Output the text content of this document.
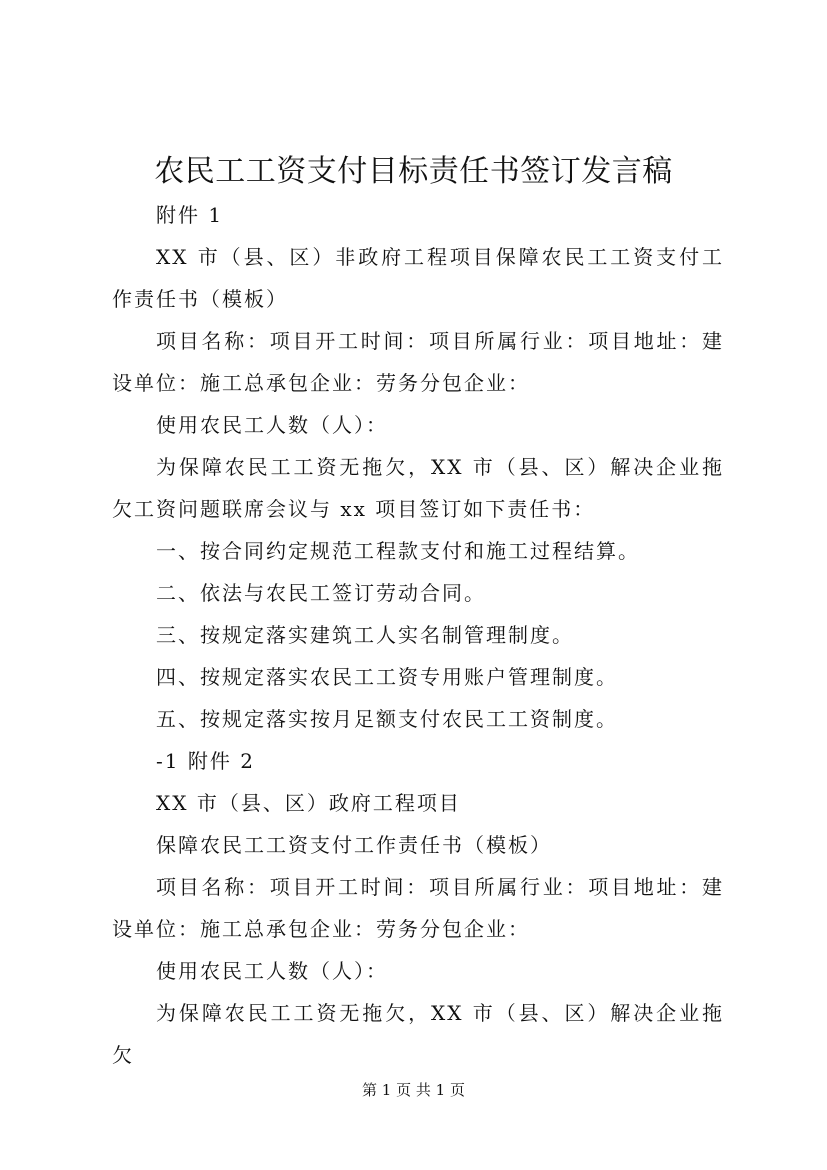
农民工工资支付目标责任书签订发言稿

附件 1

XX 市（县、区）非政府工程项目保障农民工工资支付工作责任书（模板）

项目名称：项目开工时间：项目所属行业：项目地址：建设单位：施工总承包企业：劳务分包企业：

使用农民工人数（人）：

为保障农民工工资无拖欠，XX 市（县、区）解决企业拖欠工资问题联席会议与 xx 项目签订如下责任书：

一、按合同约定规范工程款支付和施工过程结算。

二、依法与农民工签订劳动合同。

三、按规定落实建筑工人实名制管理制度。

四、按规定落实农民工工资专用账户管理制度。

五、按规定落实按月足额支付农民工工资制度。

-1 附件 2

XX 市（县、区）政府工程项目

保障农民工工资支付工作责任书（模板）

项目名称：项目开工时间：项目所属行业：项目地址：建设单位：施工总承包企业：劳务分包企业：

使用农民工人数（人）：

为保障农民工工资无拖欠，XX 市（县、区）解决企业拖欠

第 1 页 共 1 页
